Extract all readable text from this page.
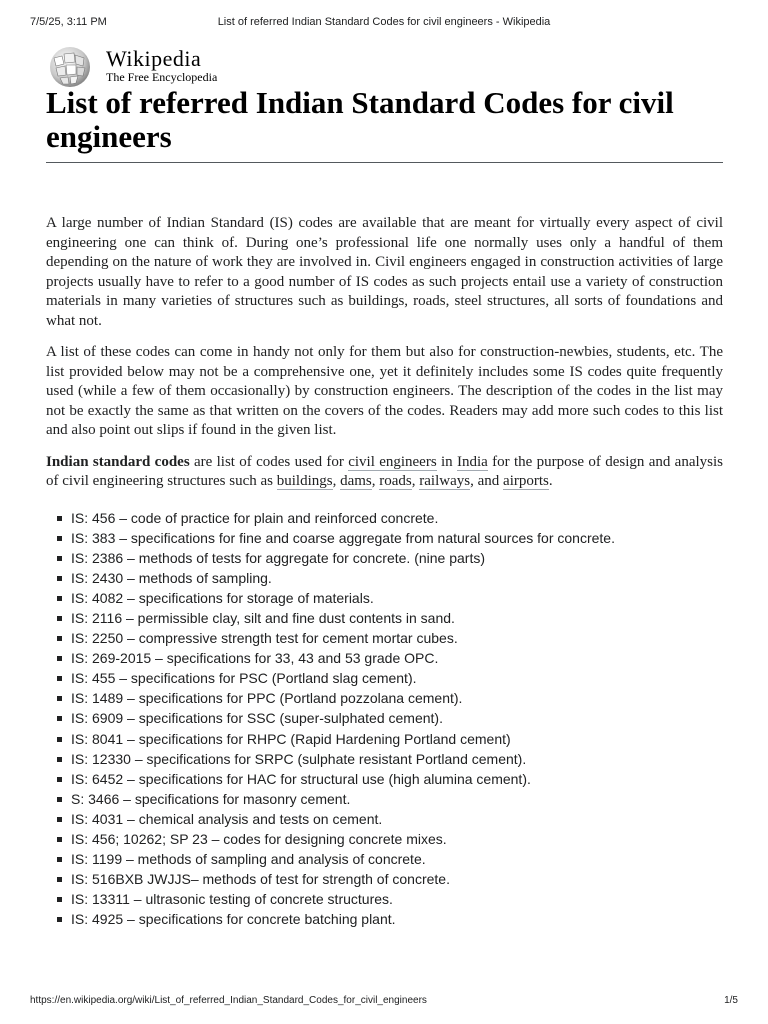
7/5/25, 3:11 PM	List of referred Indian Standard Codes for civil engineers - Wikipedia
Wikipedia
The Free Encyclopedia
List of referred Indian Standard Codes for civil engineers

A large number of Indian Standard (IS) codes are available that are meant for virtually every aspect of civil engineering one can think of. During one’s professional life one normally uses only a handful of them depending on the nature of work they are involved in. Civil engineers engaged in construction activities of large projects usually have to refer to a good number of IS codes as such projects entail use a variety of construction materials in many varieties of structures such as buildings, roads, steel structures, all sorts of foundations and what not.

A list of these codes can come in handy not only for them but also for construction-newbies, students, etc. The list provided below may not be a comprehensive one, yet it definitely includes some IS codes quite frequently used (while a few of them occasionally) by construction engineers. The description of the codes in the list may not be exactly the same as that written on the covers of the codes. Readers may add more such codes to this list and also point out slips if found in the given list.

Indian standard codes are list of codes used for civil engineers in India for the purpose of design and analysis of civil engineering structures such as buildings, dams, roads, railways, and airports.

IS: 456 – code of practice for plain and reinforced concrete.
IS: 383 – specifications for fine and coarse aggregate from natural sources for concrete.
IS: 2386 – methods of tests for aggregate for concrete. (nine parts)
IS: 2430 – methods of sampling.
IS: 4082 – specifications for storage of materials.
IS: 2116 – permissible clay, silt and fine dust contents in sand.
IS: 2250 – compressive strength test for cement mortar cubes.
IS: 269-2015 – specifications for 33, 43 and 53 grade OPC.
IS: 455 – specifications for PSC (Portland slag cement).
IS: 1489 – specifications for PPC (Portland pozzolana cement).
IS: 6909 – specifications for SSC (super-sulphated cement).
IS: 8041 – specifications for RHPC (Rapid Hardening Portland cement)
IS: 12330 – specifications for SRPC (sulphate resistant Portland cement).
IS: 6452 – specifications for HAC for structural use (high alumina cement).
S: 3466 – specifications for masonry cement.
IS: 4031 – chemical analysis and tests on cement.
IS: 456; 10262; SP 23 – codes for designing concrete mixes.
IS: 1199 – methods of sampling and analysis of concrete.
IS: 516BXB JWJJS– methods of test for strength of concrete.
IS: 13311 – ultrasonic testing of concrete structures.
IS: 4925 – specifications for concrete batching plant.
https://en.wikipedia.org/wiki/List_of_referred_Indian_Standard_Codes_for_civil_engineers	1/5
